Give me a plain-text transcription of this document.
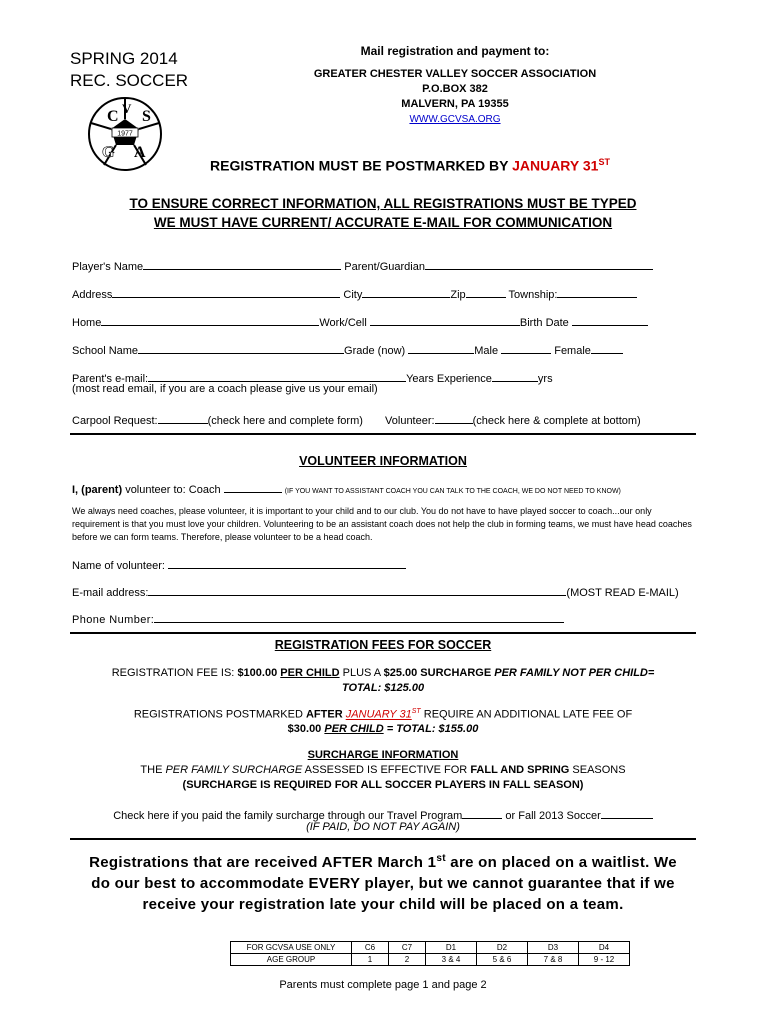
SPRING 2014
REC. SOCCER
1977
C V S
G A
Mail registration and payment to:
GREATER CHESTER VALLEY SOCCER ASSOCIATION
P.O.BOX 382
MALVERN, PA 19355
WWW.GCVSA.ORG
REGISTRATION MUST BE POSTMARKED BY JANUARY 31ST
TO ENSURE CORRECT INFORMATION, ALL REGISTRATIONS MUST BE TYPED
WE MUST HAVE CURRENT/ ACCURATE E-MAIL FOR COMMUNICATION
Player's Name	Parent/Guardian
Address	City	Zip	Township:
Home	Work/Cell	Birth Date
School Name	Grade (now)	Male	Female
Parent's e-mail:	Years Experience	yrs
(most read email, if you are a coach please give us your email)
Carpool Request:	(check here and complete form) Volunteer:	(check here & complete at bottom)
VOLUNTEER INFORMATION
I, (parent) volunteer to: Coach	(IF YOU WANT TO ASSISTANT COACH YOU CAN TALK TO THE COACH, WE DO NOT NEED TO KNOW)
We always need coaches, please volunteer, it is important to your child and to our club. You do not have to have played soccer to coach...our only requirement is that you must love your children. Volunteering to be an assistant coach does not help the club in forming teams, we must have head coaches before we can form teams. Therefore, please volunteer to be a head coach.
Name of volunteer:
E-mail address:	(MOST READ E-MAIL)
Phone Number:
REGISTRATION FEES FOR SOCCER
REGISTRATION FEE IS: $100.00 PER CHILD PLUS A $25.00 SURCHARGE PER FAMILY NOT PER CHILD=
TOTAL: $125.00
REGISTRATIONS POSTMARKED AFTER JANUARY 31ST REQUIRE AN ADDITIONAL LATE FEE OF
$30.00 PER CHILD = TOTAL: $155.00
SURCHARGE INFORMATION
THE PER FAMILY SURCHARGE ASSESSED IS EFFECTIVE FOR FALL AND SPRING SEASONS
(SURCHARGE IS REQUIRED FOR ALL SOCCER PLAYERS IN FALL SEASON)
Check here if you paid the family surcharge through our Travel Program	or Fall 2013 Soccer
(IF PAID, DO NOT PAY AGAIN)
Registrations that are received AFTER March 1st are on placed on a waitlist. We
do our best to accommodate EVERY player, but we cannot guarantee that if we
receive your registration late your child will be placed on a team.
FOR GCVSA USE ONLY	C6	C7	D1	D2	D3	D4
AGE GROUP	1	2	3 & 4	5 & 6	7 & 8	9 - 12
Parents must complete page 1 and page 2
